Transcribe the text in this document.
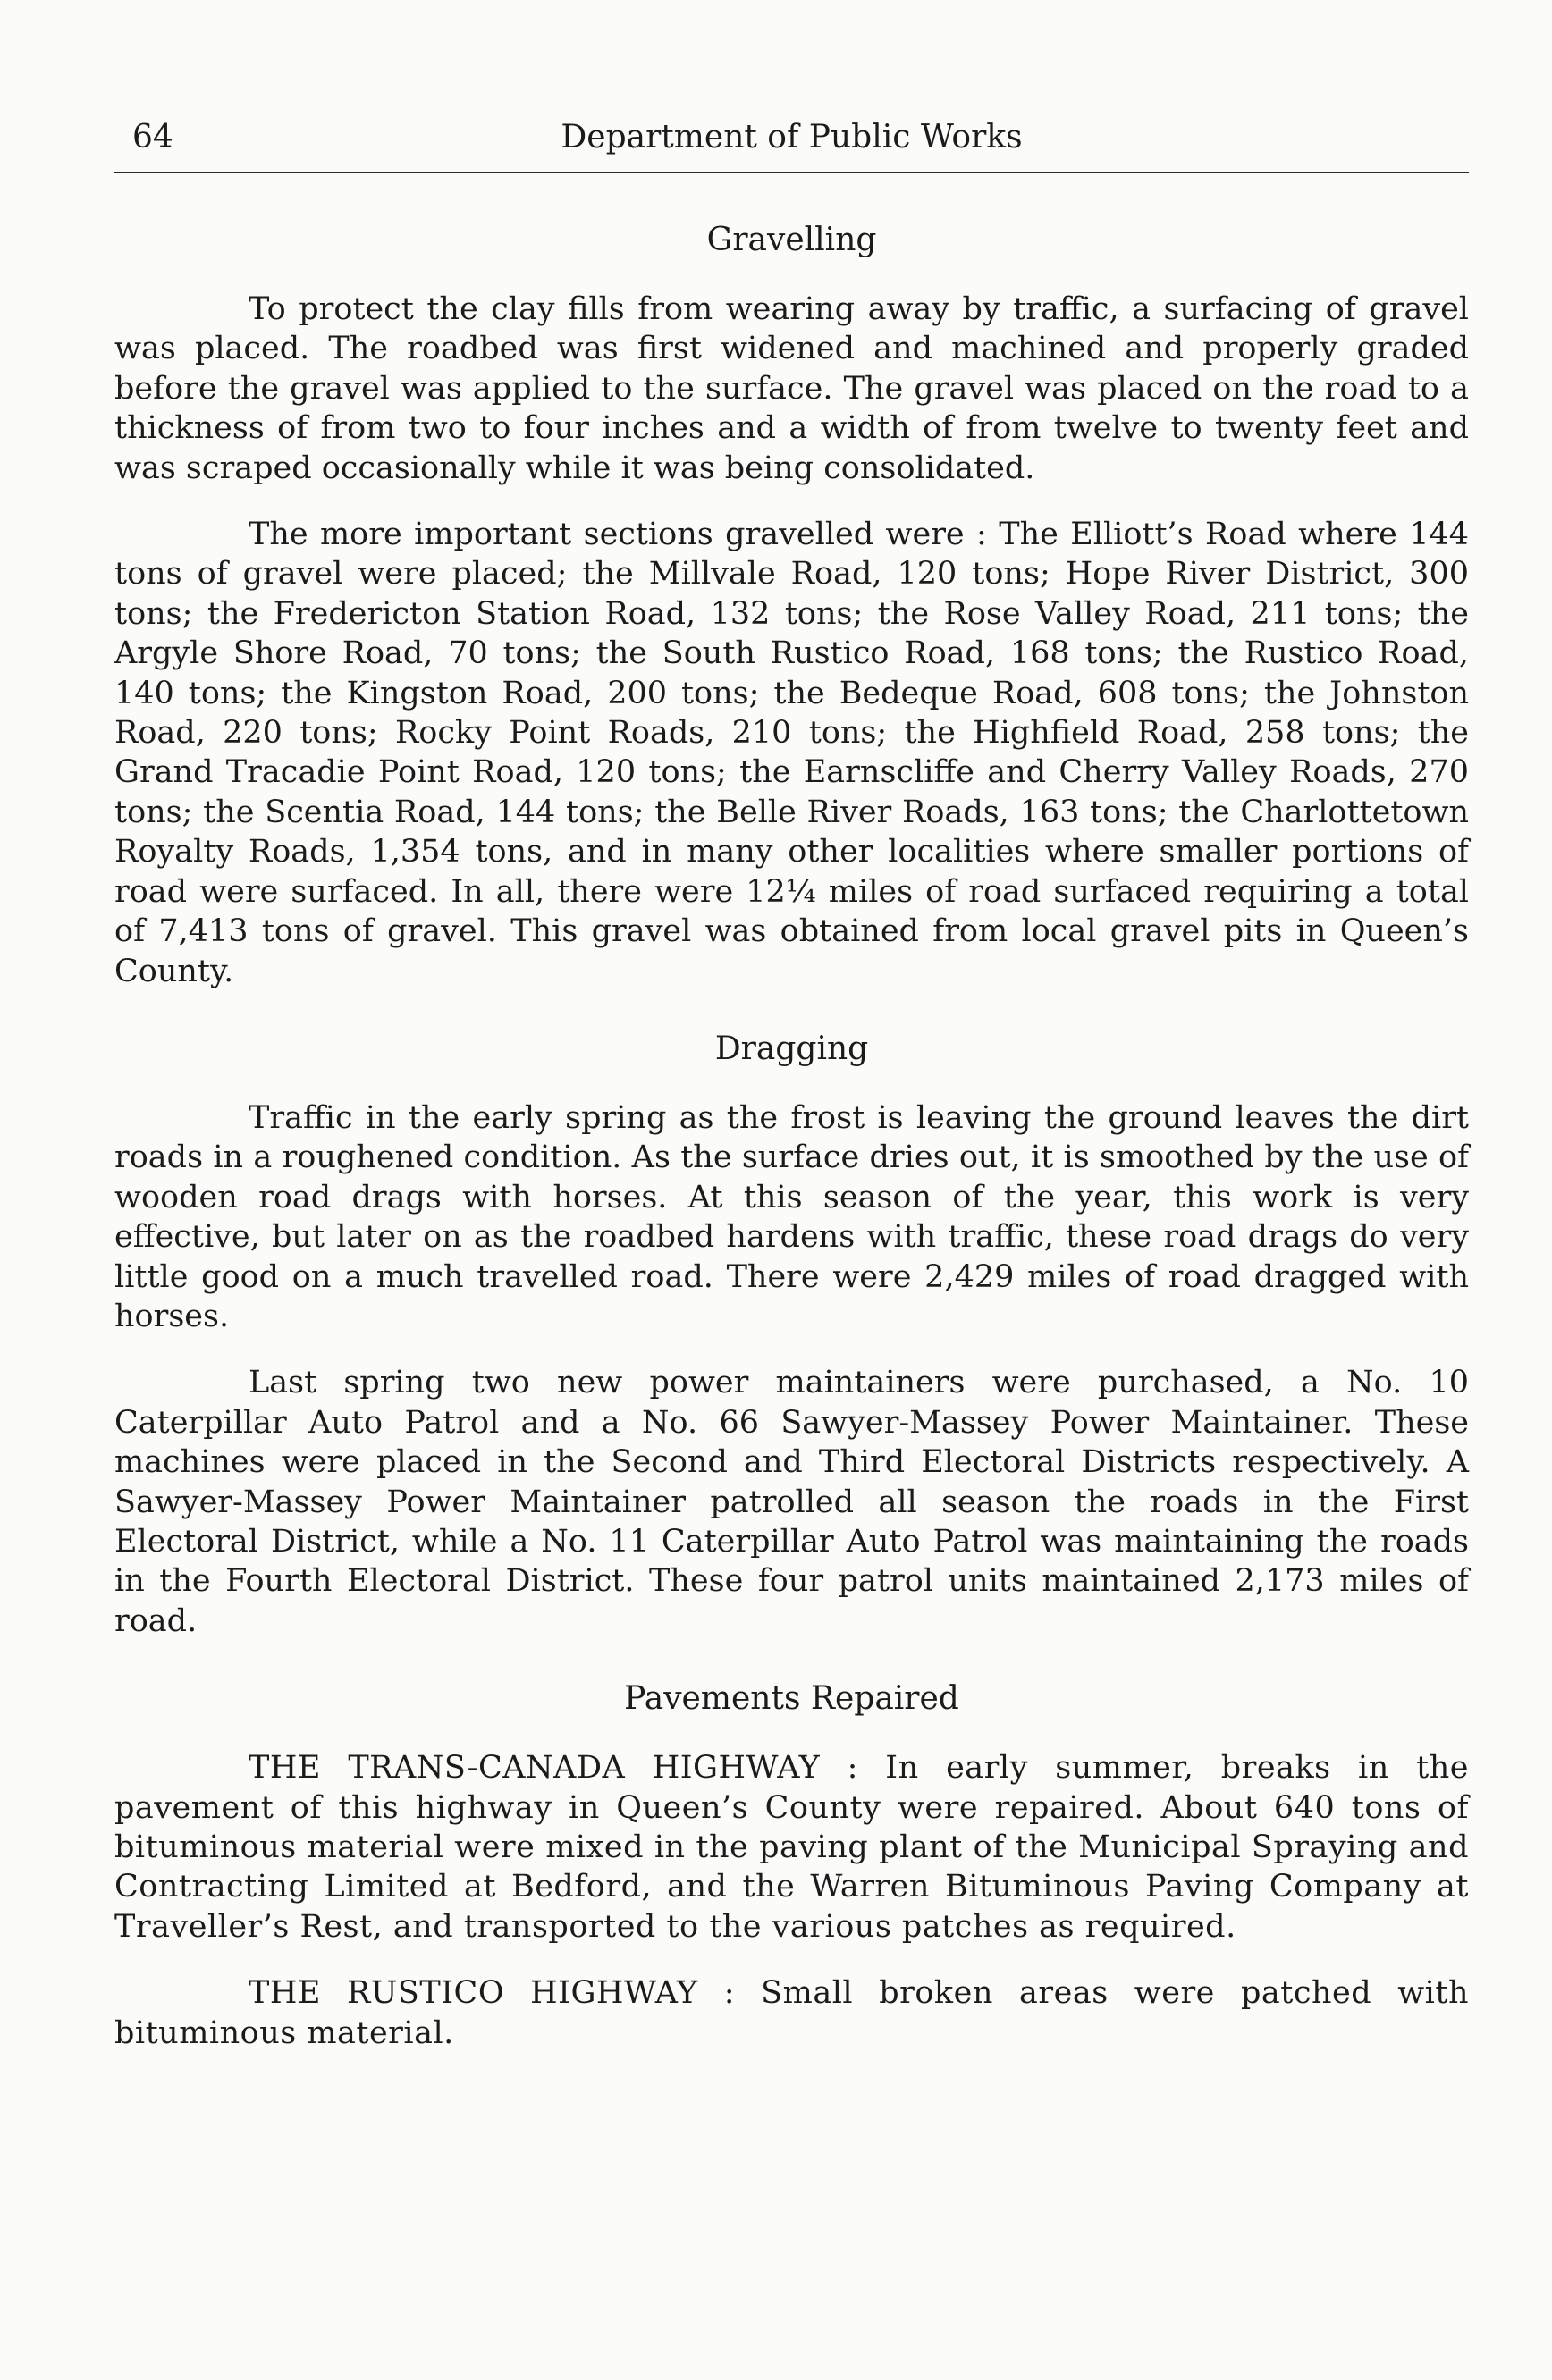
64	Department of Public Works
Gravelling

To protect the clay fills from wearing away by traffic, a surfacing of gravel was placed. The roadbed was first widened and machined and properly graded before the gravel was applied to the surface. The gravel was placed on the road to a thickness of from two to four inches and a width of from twelve to twenty feet and was scraped occasionally while it was being consolidated.

The more important sections gravelled were : The Elliott’s Road where 144 tons of gravel were placed; the Millvale Road, 120 tons; Hope River District, 300 tons; the Fredericton Station Road, 132 tons; the Rose Valley Road, 211 tons; the Argyle Shore Road, 70 tons; the South Rustico Road, 168 tons; the Rustico Road, 140 tons; the Kingston Road, 200 tons; the Bedeque Road, 608 tons; the Johnston Road, 220 tons; Rocky Point Roads, 210 tons; the Highfield Road, 258 tons; the Grand Tracadie Point Road, 120 tons; the Earnscliffe and Cherry Valley Roads, 270 tons; the Scentia Road, 144 tons; the Belle River Roads, 163 tons; the Charlottetown Royalty Roads, 1,354 tons, and in many other localities where smaller portions of road were surfaced. In all, there were 12¼ miles of road surfaced requiring a total of 7,413 tons of gravel. This gravel was obtained from local gravel pits in Queen’s County.

Dragging

Traffic in the early spring as the frost is leaving the ground leaves the dirt roads in a roughened condition. As the surface dries out, it is smoothed by the use of wooden road drags with horses. At this season of the year, this work is very effective, but later on as the roadbed hardens with traffic, these road drags do very little good on a much travelled road. There were 2,429 miles of road dragged with horses.

Last spring two new power maintainers were purchased, a No. 10 Caterpillar Auto Patrol and a No. 66 Sawyer-Massey Power Maintainer. These machines were placed in the Second and Third Electoral Districts respectively. A Sawyer-Massey Power Maintainer patrolled all season the roads in the First Electoral District, while a No. 11 Caterpillar Auto Patrol was maintaining the roads in the Fourth Electoral District. These four patrol units maintained 2,173 miles of road.

Pavements Repaired

THE TRANS-CANADA HIGHWAY : In early summer, breaks in the pavement of this highway in Queen’s County were repaired. About 640 tons of bituminous material were mixed in the paving plant of the Municipal Spraying and Contracting Limited at Bedford, and the Warren Bituminous Paving Company at Traveller’s Rest, and transported to the various patches as required.

THE RUSTICO HIGHWAY : Small broken areas were patched with bituminous material.
